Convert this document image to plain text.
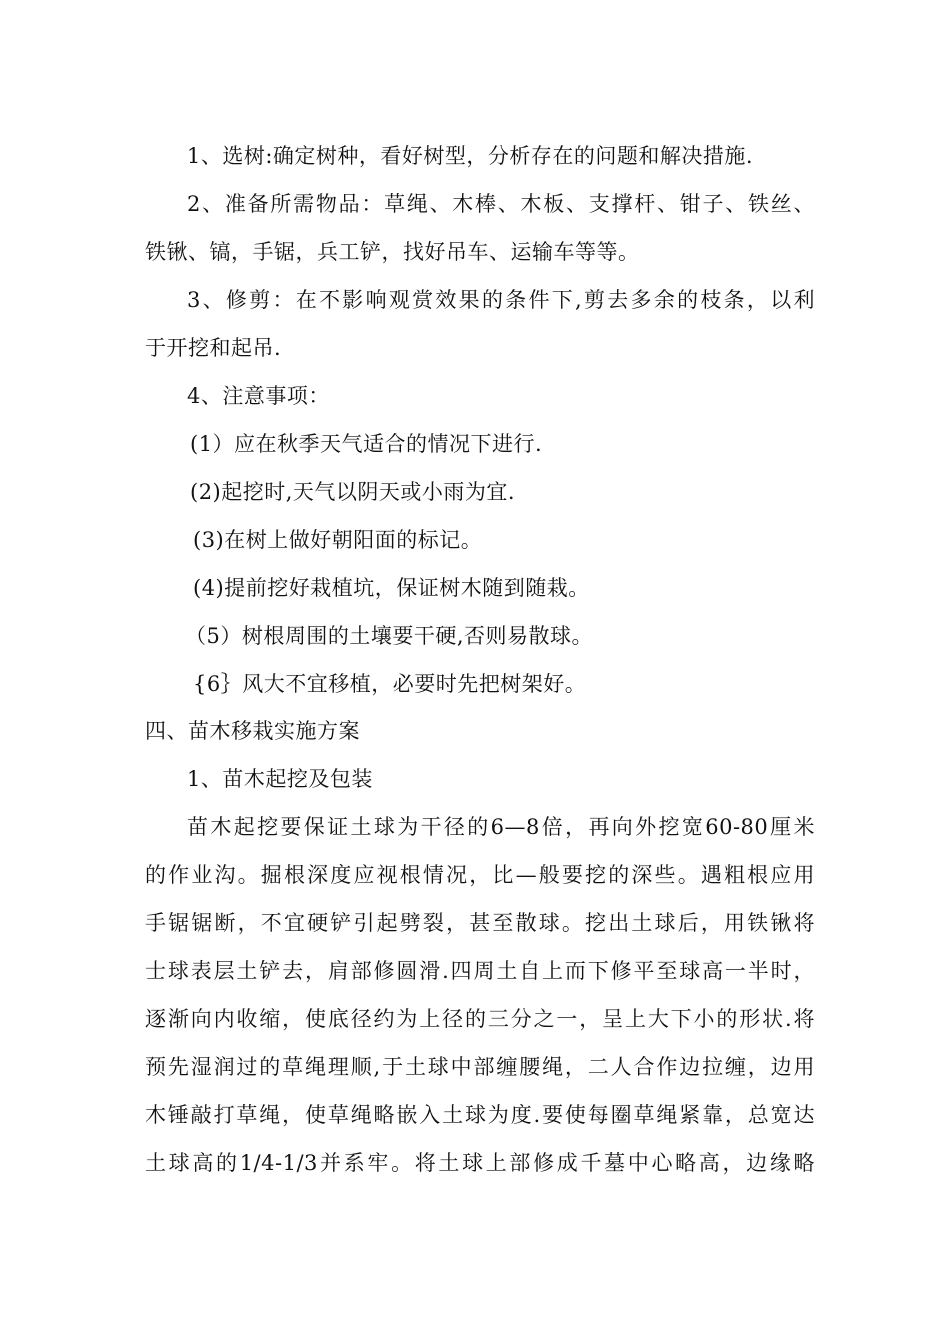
1、选树:确定树种，看好树型，分析存在的问题和解决措施.
2、准备所需物品：草绳、木棒、木板、支撑杆、钳子、铁丝、
铁锹、镐，手锯，兵工铲，找好吊车、运输车等等。
3、修剪：在不影响观赏效果的条件下,剪去多余的枝条，以利
于开挖和起吊.
4、注意事项：
(1）应在秋季天气适合的情况下进行.
(2)起挖时,天气以阴天或小雨为宜.
(3)在树上做好朝阳面的标记。
(4)提前挖好栽植坑，保证树木随到随栽。
（5）树根周围的土壤要干硬,否则易散球。
{6｝风大不宜移植，必要时先把树架好。
四、苗木移栽实施方案
1、苗木起挖及包装
苗木起挖要保证土球为干径的6—8倍，再向外挖宽60-80厘米
的作业沟。掘根深度应视根情况，比—般要挖的深些。遇粗根应用
手锯锯断，不宜硬铲引起劈裂，甚至散球。挖出土球后，用铁锹将
士球表层土铲去，肩部修圆滑.四周土自上而下修平至球高一半时，
逐渐向内收缩，使底径约为上径的三分之一，呈上大下小的形状.将
预先湿润过的草绳理顺,于土球中部缠腰绳，二人合作边拉缠，边用
木锤敲打草绳，使草绳略嵌入土球为度.要使每圈草绳紧靠，总宽达
土球高的1/4-1/3并系牢。将土球上部修成千墓中心略高，边缘略
